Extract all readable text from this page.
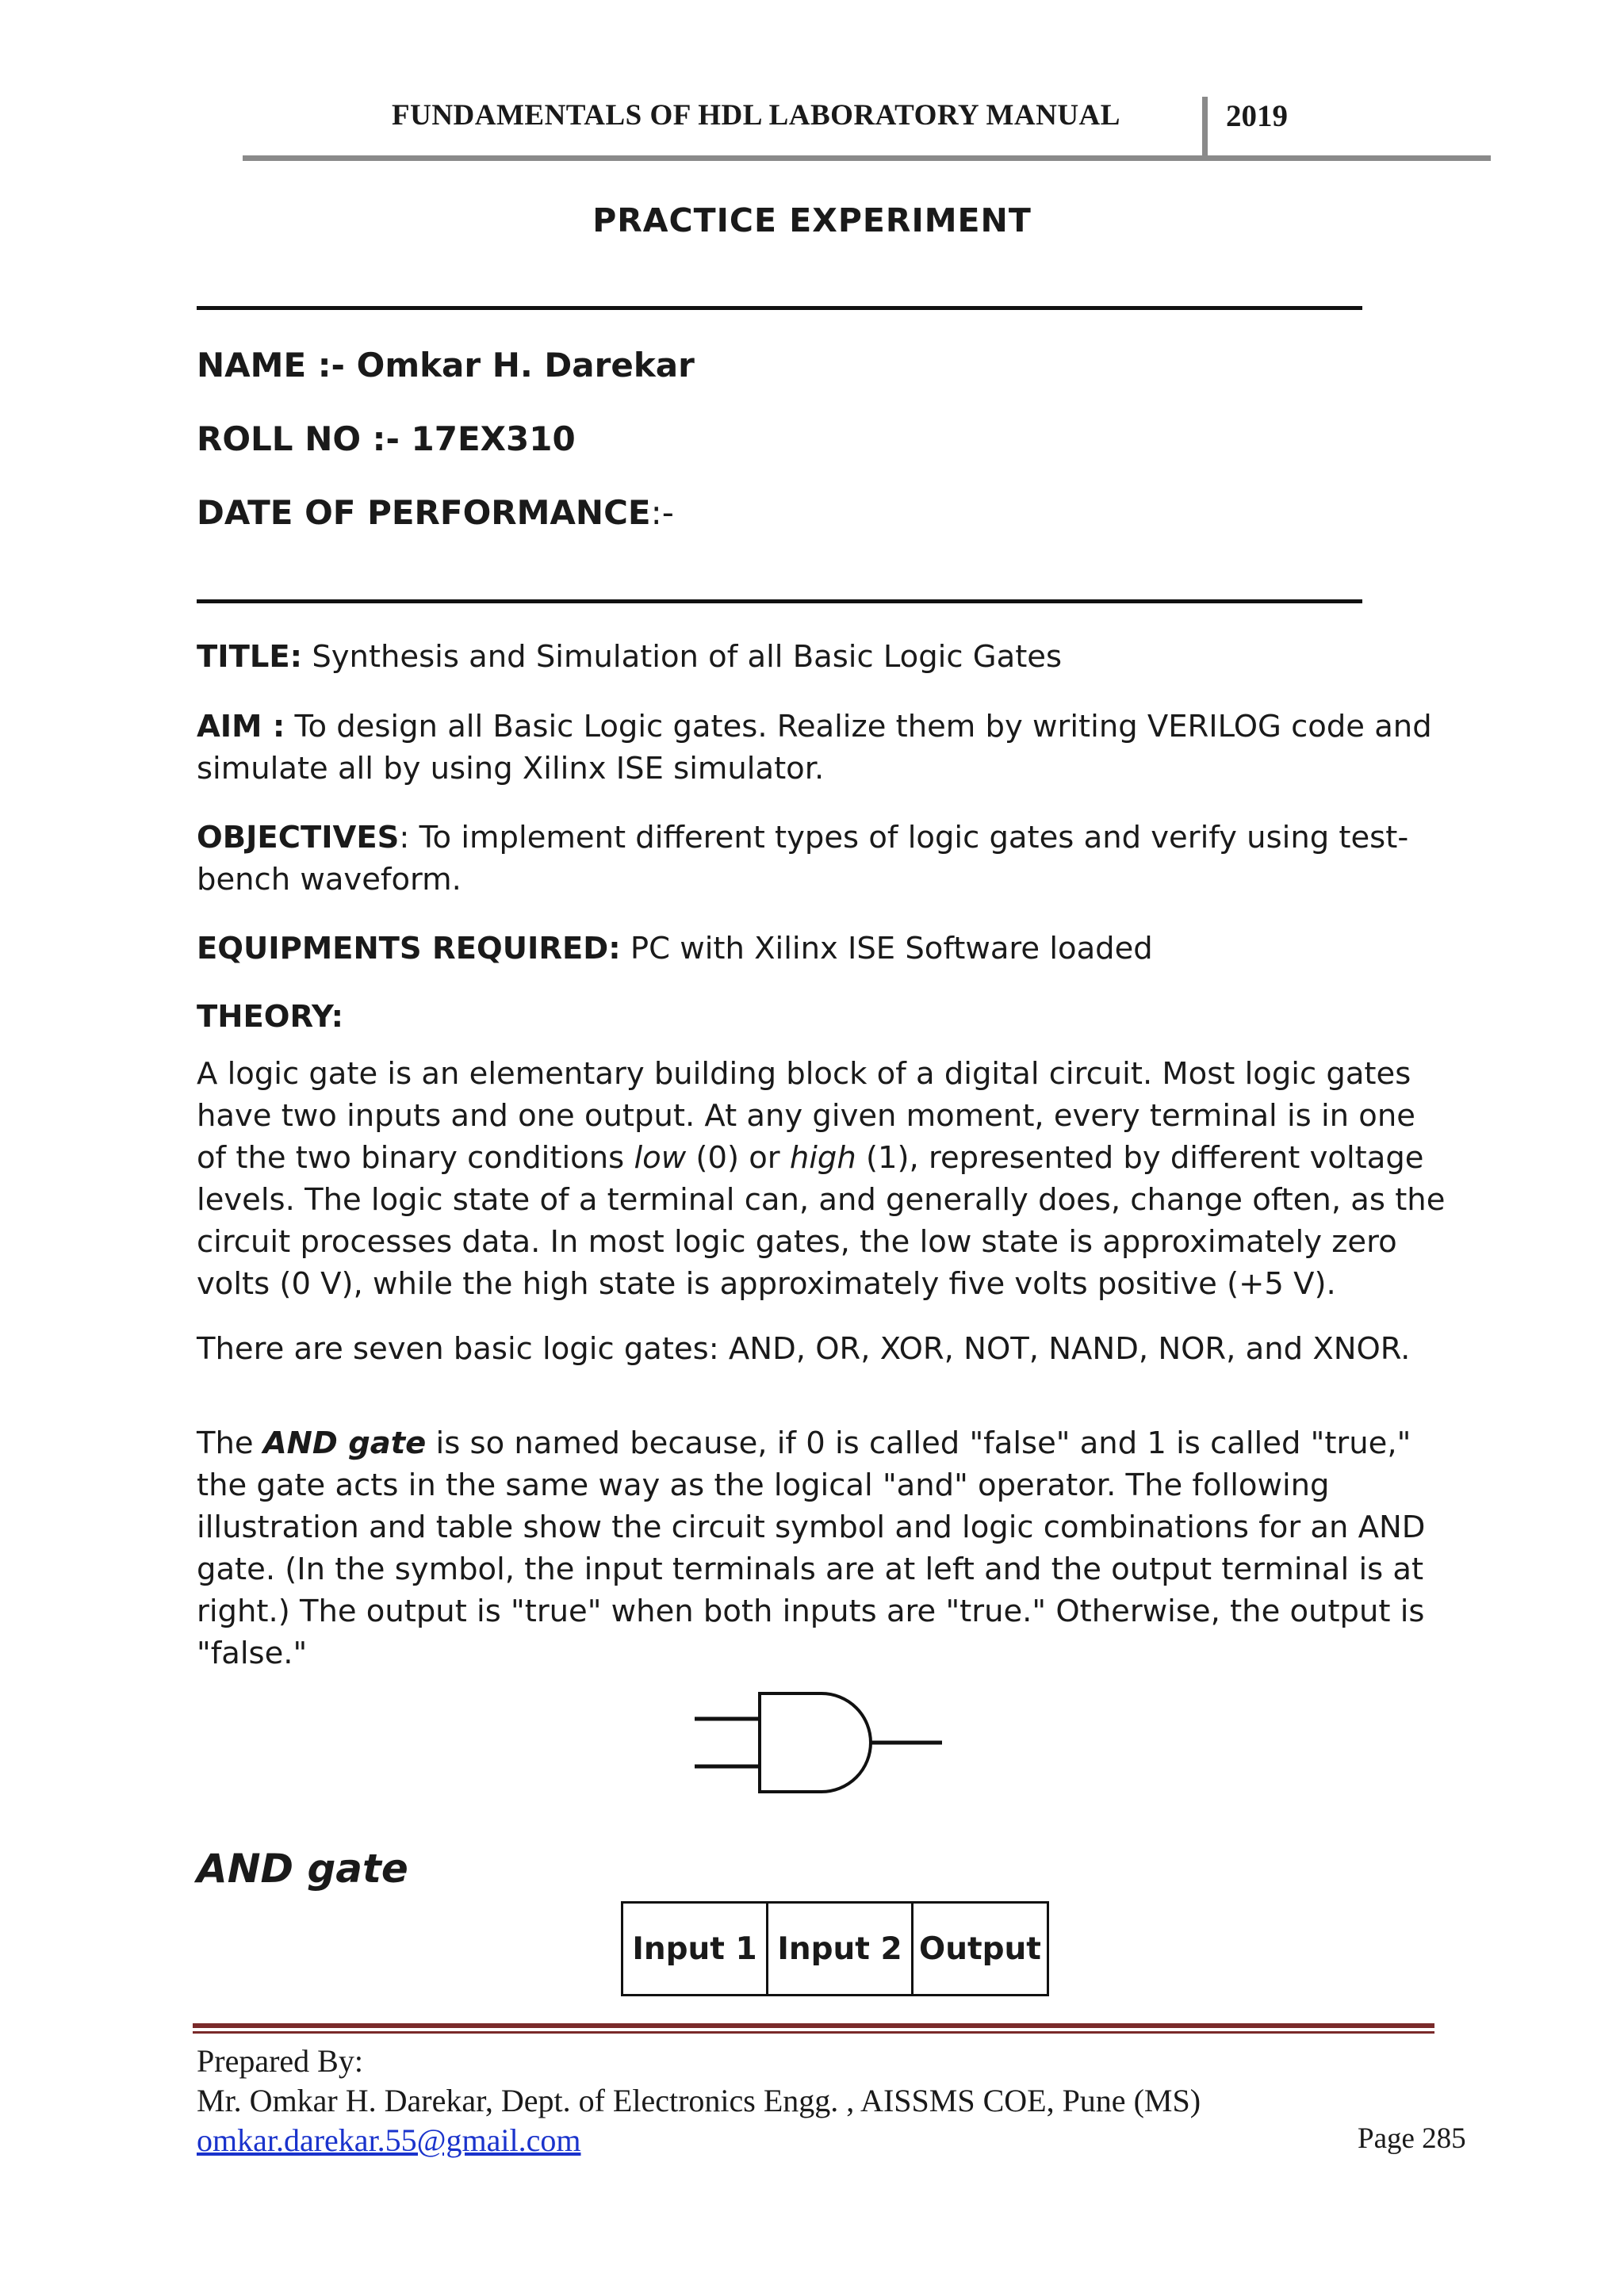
FUNDAMENTALS OF HDL LABORATORY MANUAL	2019
PRACTICE EXPERIMENT
NAME :- Omkar H. Darekar
ROLL NO :- 17EX310
DATE OF PERFORMANCE:-
TITLE: Synthesis and Simulation of all Basic Logic Gates
AIM : To design all Basic Logic gates. Realize them by writing VERILOG code and simulate all by using Xilinx ISE simulator.
OBJECTIVES: To implement different types of logic gates and verify using test-bench waveform.
EQUIPMENTS REQUIRED: PC with Xilinx ISE Software loaded
THEORY:
A logic gate is an elementary building block of a digital circuit. Most logic gates have two inputs and one output. At any given moment, every terminal is in one of the two binary conditions low (0) or high (1), represented by different voltage levels. The logic state of a terminal can, and generally does, change often, as the circuit processes data. In most logic gates, the low state is approximately zero volts (0 V), while the high state is approximately five volts positive (+5 V).
There are seven basic logic gates: AND, OR, XOR, NOT, NAND, NOR, and XNOR.
The AND gate is so named because, if 0 is called "false" and 1 is called "true," the gate acts in the same way as the logical "and" operator. The following illustration and table show the circuit symbol and logic combinations for an AND gate. (In the symbol, the input terminals are at left and the output terminal is at right.) The output is "true" when both inputs are "true." Otherwise, the output is "false."
AND gate
Input 1	Input 2	Output
Prepared By:
Mr. Omkar H. Darekar, Dept. of Electronics Engg. , AISSMS COE, Pune (MS)
omkar.darekar.55@gmail.com	Page 285
